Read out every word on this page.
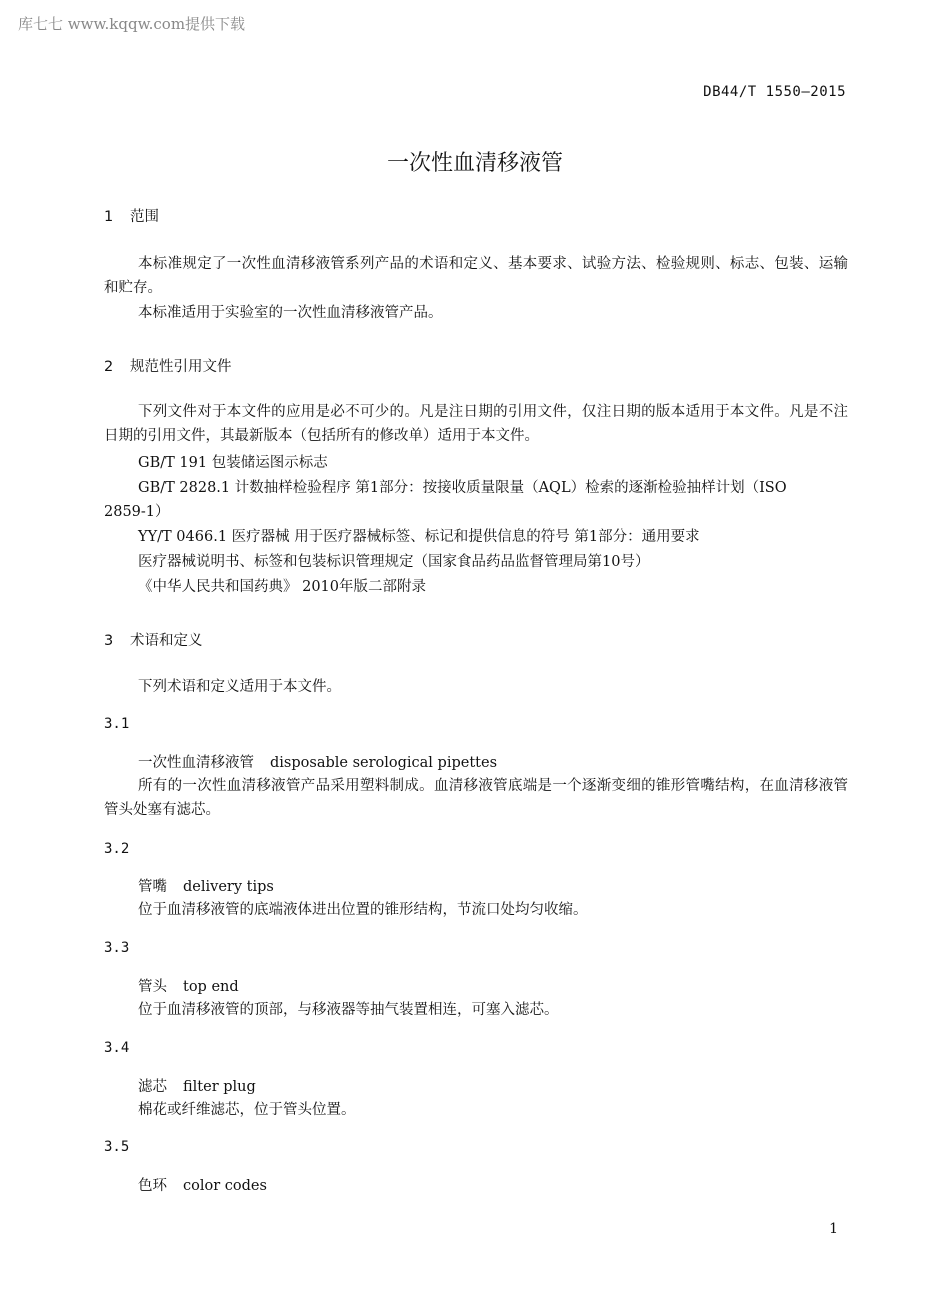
库七七 www.kqqw.com提供下载
DB44/T 1550—2015
一次性血清移液管
1 范围
本标准规定了一次性血清移液管系列产品的术语和定义、基本要求、试验方法、检验规则、标志、包装、运输和贮存。
本标准适用于实验室的一次性血清移液管产品。
2 规范性引用文件
下列文件对于本文件的应用是必不可少的。凡是注日期的引用文件，仅注日期的版本适用于本文件。凡是不注日期的引用文件，其最新版本（包括所有的修改单）适用于本文件。
GB/T 191 包装储运图示标志
GB/T 2828.1 计数抽样检验程序 第1部分：按接收质量限量（AQL）检索的逐渐检验抽样计划（ISO
2859-1）
YY/T 0466.1 医疗器械 用于医疗器械标签、标记和提供信息的符号 第1部分：通用要求
医疗器械说明书、标签和包装标识管理规定（国家食品药品监督管理局第10号）
《中华人民共和国药典》 2010年版二部附录
3 术语和定义
下列术语和定义适用于本文件。
3.1
一次性血清移液管 disposable serological pipettes
所有的一次性血清移液管产品采用塑料制成。血清移液管底端是一个逐渐变细的锥形管嘴结构，在血清移液管管头处塞有滤芯。
3.2
管嘴 delivery tips
位于血清移液管的底端液体进出位置的锥形结构，节流口处均匀收缩。
3.3
管头 top end
位于血清移液管的顶部，与移液器等抽气装置相连，可塞入滤芯。
3.4
滤芯 filter plug
棉花或纤维滤芯，位于管头位置。
3.5
色环 color codes
1
